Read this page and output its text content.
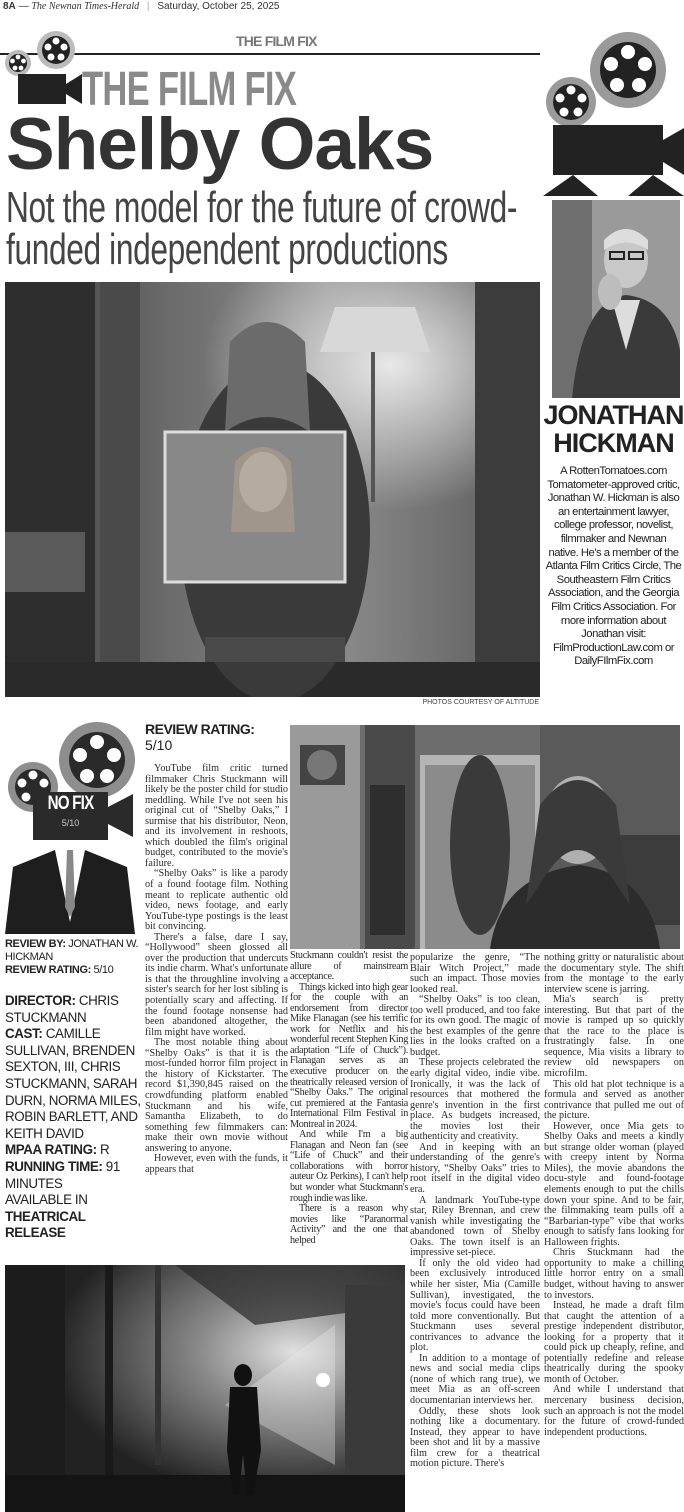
8A — The Newnan Times-Herald | Saturday, October 25, 2025
THE FILM FIX
THE FILM FIX
Shelby Oaks
Not the model for the future of crowd-
funded independent productions
PHOTOS COURTESY OF ALTITUDE
JONATHAN
HICKMAN
A RottenTomatoes.com Tomatometer-approved critic, Jonathan W. Hickman is also an entertainment lawyer, college professor, novelist, filmmaker and Newnan native. He's a member of the Atlanta Film Critics Circle, The Southeastern Film Critics Association, and the Georgia Film Critics Association. For more information about Jonathan visit: FilmProductionLaw.com or DailyFIlmFix.com
NO FIX
5/10
REVIEW BY: JONATHAN W. HICKMAN
REVIEW RATING: 5/10
DIRECTOR: CHRIS STUCKMANN
CAST: CAMILLE SULLIVAN, BRENDEN SEXTON, III, CHRIS STUCKMANN, SARAH DURN, NORMA MILES, ROBIN BARLETT, AND KEITH DAVID
MPAA RATING: R
RUNNING TIME: 91 MINUTES
AVAILABLE IN THEATRICAL RELEASE
REVIEW RATING:
5/10

YouTube film critic turned filmmaker Chris Stuckmann will likely be the poster child for studio meddling. While I've not seen his original cut of “Shelby Oaks,” I surmise that his distributor, Neon, and its involvement in reshoots, which doubled the film's original budget, contributed to the movie's failure.

“Shelby Oaks” is like a parody of a found footage film. Nothing meant to replicate authentic old video, news footage, and early YouTube-type postings is the least bit convincing.

There's a false, dare I say, “Hollywood” sheen glossed all over the production that undercuts its indie charm. What's unfortunate is that the throughline involving a sister's search for her lost sibling is potentially scary and affecting. If the found footage nonsense had been abandoned altogether, the film might have worked.

The most notable thing about “Shelby Oaks” is that it is the most-funded horror film project in the history of Kickstarter. The record $1,390,845 raised on the crowdfunding platform enabled Stuckmann and his wife, Samantha Elizabeth, to do something few filmmakers can: make their own movie without answering to anyone.

However, even with the funds, it appears that

Stuckmann couldn't resist the allure of mainstream acceptance.

Things kicked into high gear for the couple with an endorsement from director Mike Flanagan (see his terrific work for Netflix and his wonderful recent Stephen King adaptation “Life of Chuck”). Flanagan serves as an executive producer on the theatrically released version of “Shelby Oaks.” The original cut premiered at the Fantasia International Film Festival in Montreal in 2024.

And while I'm a big Flanagan and Neon fan (see “Life of Chuck” and their collaborations with horror auteur Oz Perkins), I can't help but wonder what Stuckmann's rough indie was like.

There is a reason why movies like “Paranormal Activity” and the one that helped

popularize the genre, “The Blair Witch Project,” made such an impact. Those movies looked real.

“Shelby Oaks” is too clean, too well produced, and too fake for its own good. The magic of the best examples of the genre lies in the looks crafted on a budget.

These projects celebrated the early digital video, indie vibe. Ironically, it was the lack of resources that mothered the genre's invention in the first place. As budgets increased, the movies lost their authenticity and creativity.

And in keeping with an understanding of the genre's history, “Shelby Oaks” tries to root itself in the digital video era.

A landmark YouTube-type star, Riley Brennan, and crew vanish while investigating the abandoned town of Shelby Oaks. The town itself is an impressive set-piece.

If only the old video had been exclusively introduced while her sister, Mia (Camille Sullivan), investigated, the movie's focus could have been told more conventionally. But Stuckmann uses several contrivances to advance the plot.

In addition to a montage of news and social media clips (none of which rang true), we meet Mia as an off-screen documentarian interviews her.

Oddly, these shots look nothing like a documentary. Instead, they appear to have been shot and lit by a massive film crew for a theatrical motion picture. There's

nothing gritty or naturalistic about the documentary style. The shift from the montage to the early interview scene is jarring.

Mia's search is pretty interesting. But that part of the movie is ramped up so quickly that the race to the place is frustratingly false. In one sequence, Mia visits a library to review old newspapers on microfilm.

This old hat plot technique is a formula and served as another contrivance that pulled me out of the picture.

However, once Mia gets to Shelby Oaks and meets a kindly but strange older woman (played with creepy intent by Norma Miles), the movie abandons the docu-style and found-footage elements enough to put the chills down your spine. And to be fair, the filmmaking team pulls off a “Barbarian-type” vibe that works enough to satisfy fans looking for Halloween frights.

Chris Stuckmann had the opportunity to make a chilling little horror entry on a small budget, without having to answer to investors.

Instead, he made a draft film that caught the attention of a prestige independent distributor, looking for a property that it could pick up cheaply, refine, and potentially redefine and release theatrically during the spooky month of October.

And while I understand that mercenary business decision, such an approach is not the model for the future of crowd-funded independent productions.
